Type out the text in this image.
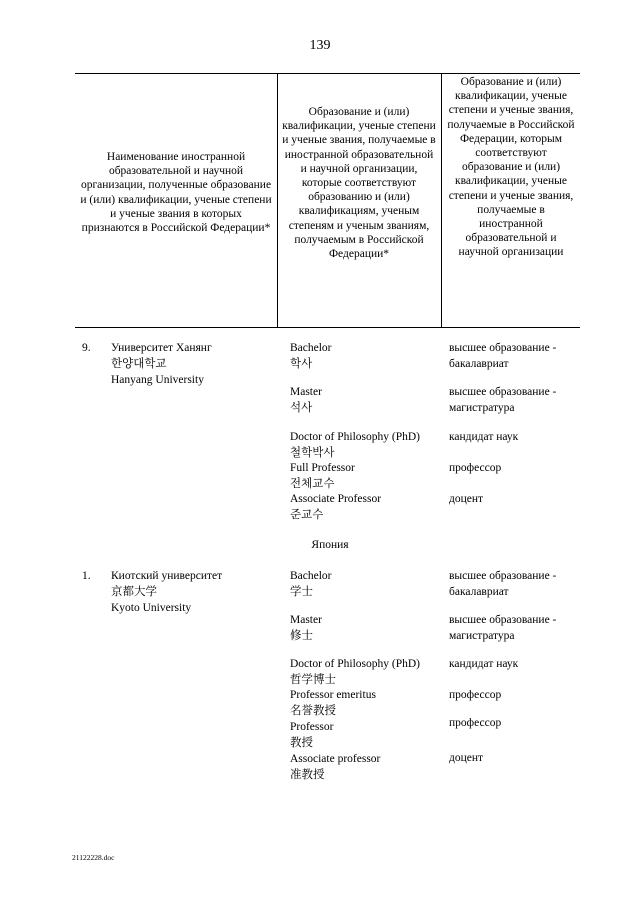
139
Наименование иностранной образовательной и научной организации, полученные образование и (или) квалификации, ученые степени и ученые звания в которых признаются в Российской Федерации*
Образование и (или) квалификации, ученые степени и ученые звания, получаемые в иностранной образовательной и научной организации, которые соответствуют образованию и (или) квалификациям, ученым степеням и ученым званиям, получаемым в Российской Федерации*
Образование и (или) квалификации, ученые степени и ученые звания, получаемые в Российской Федерации, которым соответствуют образование и (или) квалификации, ученые степени и ученые звания, получаемые в иностранной образовательной и научной организации
9. Университет Ханянг
한양대학교
Hanyang University
Bachelor
학사
высшее образование -
бакалавриат
Master
석사
высшее образование -
магистратура
Doctor of Philosophy (PhD)
철학박사
кандидат наук
Full Professor
전체교수
профессор
Associate Professor
준교수
доцент
Япония
1. Киотский университет
京都大学
Kyoto University
Bachelor
学士
высшее образование -
бакалавриат
Master
修士
высшее образование -
магистратура
Doctor of Philosophy (PhD)
哲学博士
кандидат наук
Professor emeritus
名誉教授
профессор
Professor
教授
профессор
Associate professor
准教授
доцент
21122228.doc
